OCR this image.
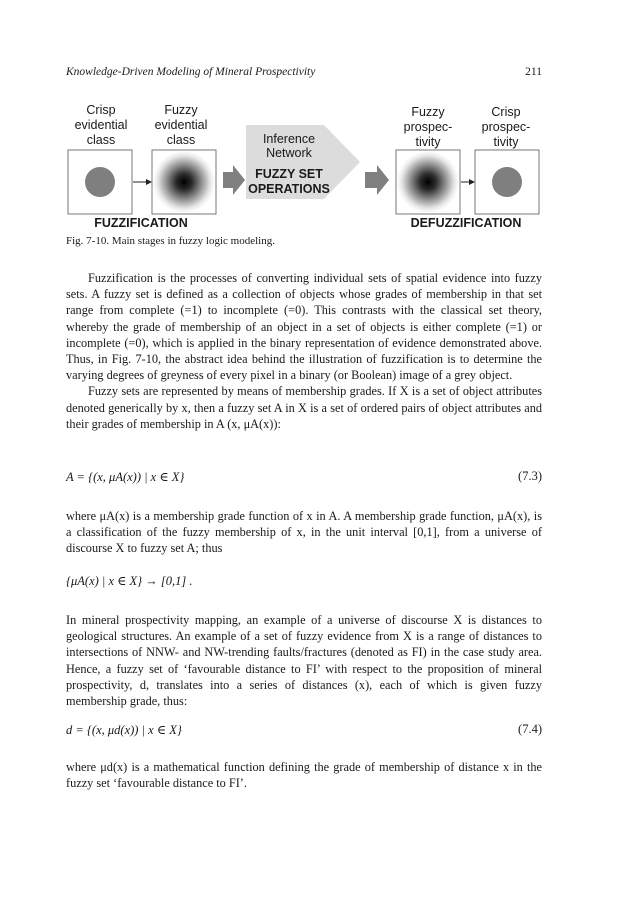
Knowledge-Driven Modeling of Mineral Prospectivity	211
Crisp
evidential
class
Fuzzy
evidential
class
Fuzzy
prospec-
tivity
Crisp
prospec-
tivity
Inference
Network
FUZZY SET
OPERATIONS
FUZZIFICATION	DEFUZZIFICATION
Fig. 7-10. Main stages in fuzzy logic modeling.

Fuzzification is the processes of converting individual sets of spatial evidence into fuzzy sets. A fuzzy set is defined as a collection of objects whose grades of membership in that set range from complete (=1) to incomplete (=0). This contrasts with the classical set theory, whereby the grade of membership of an object in a set of objects is either complete (=1) or incomplete (=0), which is applied in the binary representation of evidence demonstrated above. Thus, in Fig. 7-10, the abstract idea behind the illustration of fuzzification is to determine the varying degrees of greyness of every pixel in a binary (or Boolean) image of a grey object.

Fuzzy sets are represented by means of membership grades. If X is a set of object attributes denoted generically by x, then a fuzzy set A in X is a set of ordered pairs of object attributes and their grades of membership in A (x, μA(x)):

A = {(x, μA(x)) | x ∈ X}	(7.3)

where μA(x) is a membership grade function of x in A. A membership grade function, μA(x), is a classification of the fuzzy membership of x, in the unit interval [0,1], from a universe of discourse X to fuzzy set A; thus

{μA(x) | x ∈ X} → [0,1] .

In mineral prospectivity mapping, an example of a universe of discourse X is distances to geological structures. An example of a set of fuzzy evidence from X is a range of distances to intersections of NNW- and NW-trending faults/fractures (denoted as FI) in the case study area. Hence, a fuzzy set of ‘favourable distance to FI’ with respect to the proposition of mineral prospectivity, d, translates into a series of distances (x), each of which is given fuzzy membership grade, thus:

d = {(x, μd(x)) | x ∈ X}	(7.4)

where μd(x) is a mathematical function defining the grade of membership of distance x in the fuzzy set ‘favourable distance to FI’.
